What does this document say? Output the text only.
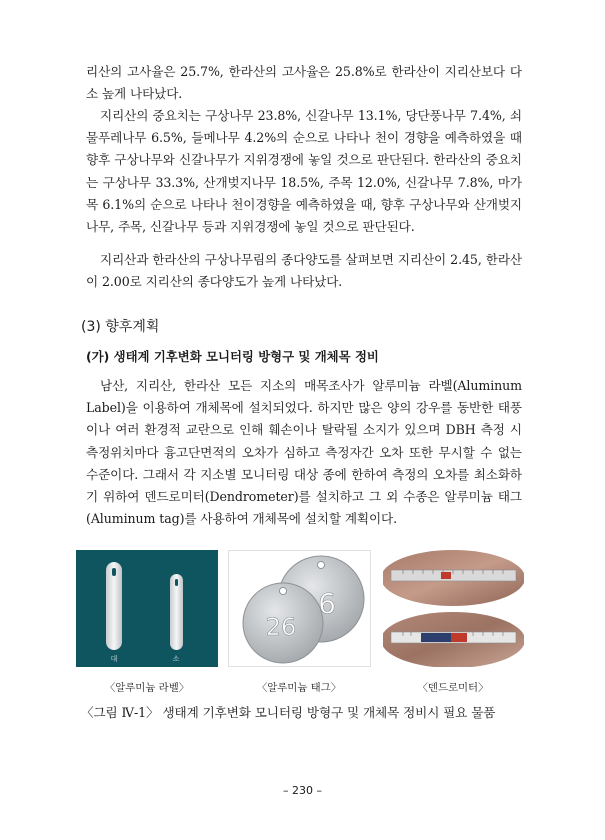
리산의 고사율은 25.7%, 한라산의 고사율은 25.8%로 한라산이 지리산보다 다소 높게 나타났다.
지리산의 중요치는 구상나무 23.8%, 신갈나무 13.1%, 당단풍나무 7.4%, 쇠물푸레나무 6.5%, 들메나무 4.2%의 순으로 나타나 천이 경향을 예측하였을 때 향후 구상나무와 신갈나무가 지위경쟁에 놓일 것으로 판단된다. 한라산의 중요치는 구상나무 33.3%, 산개벚지나무 18.5%, 주목 12.0%, 신갈나무 7.8%, 마가목 6.1%의 순으로 나타나 천이경향을 예측하였을 때, 향후 구상나무와 산개벚지나무, 주목, 신갈나무 등과 지위경쟁에 놓일 것으로 판단된다.
지리산과 한라산의 구상나무림의 종다양도를 살펴보면 지리산이 2.45, 한라산이 2.00로 지리산의 종다양도가 높게 나타났다.
(3) 향후계획
(가) 생태계 기후변화 모니터링 방형구 및 개체목 정비
남산, 지리산, 한라산 모든 지소의 매목조사가 알루미늄 라벨(Aluminum Label)을 이용하여 개체목에 설치되었다. 하지만 많은 양의 강우를 동반한 태풍이나 여러 환경적 교란으로 인해 훼손이나 탈락될 소지가 있으며 DBH 측정 시 측정위치마다 흉고단면적의 오차가 심하고 측정자간 오차 또한 무시할 수 없는 수준이다. 그래서 각 지소별 모니터링 대상 종에 한하여 측정의 오차를 최소화하기 위하여 덴드로미터(Dendrometer)를 설치하고 그 외 수종은 알루미늄 태그(Aluminum tag)를 사용하여 개체목에 설치할 계획이다.
대	소
6
26
〈알루미늄 라벨〉	〈알루미늄 태그〉	〈덴드로미터〉
〈그림 Ⅳ-1〉 생태계 기후변화 모니터링 방형구 및 개체목 정비시 필요 물품
– 230 –
